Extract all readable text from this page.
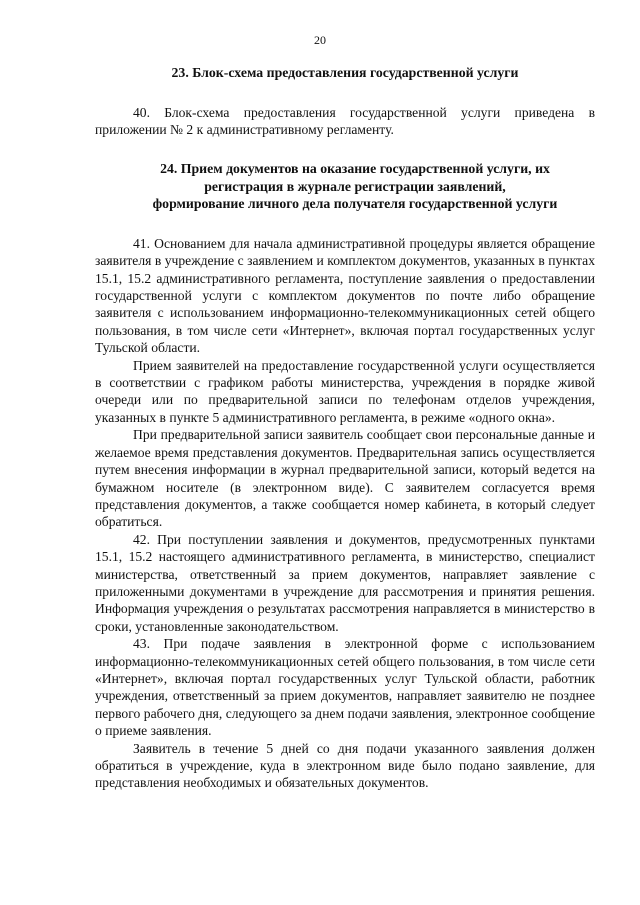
20
23. Блок-схема предоставления государственной услуги

40. Блок-схема предоставления государственной услуги приведена в приложении № 2 к административному регламенту.

24. Прием документов на оказание государственной услуги, их
регистрация в журнале регистрации заявлений,
формирование личного дела получателя государственной услуги

41. Основанием для начала административной процедуры является обращение заявителя в учреждение с заявлением и комплектом документов, указанных в пунктах 15.1, 15.2 административного регламента, поступление заявления о предоставлении государственной услуги с комплектом документов по почте либо обращение заявителя с использованием информационно-телекоммуникационных сетей общего пользования, в том числе сети «Интернет», включая портал государственных услуг Тульской области.

Прием заявителей на предоставление государственной услуги осуществляется в соответствии с графиком работы министерства, учреждения в порядке живой очереди или по предварительной записи по телефонам отделов учреждения, указанных в пункте 5 административного регламента, в режиме «одного окна».

При предварительной записи заявитель сообщает свои персональные данные и желаемое время представления документов. Предварительная запись осуществляется путем внесения информации в журнал предварительной записи, который ведется на бумажном носителе (в электронном виде). С заявителем согласуется время представления документов, а также сообщается номер кабинета, в который следует обратиться.

42. При поступлении заявления и документов, предусмотренных пунктами 15.1, 15.2 настоящего административного регламента, в министерство, специалист министерства, ответственный за прием документов, направляет заявление с приложенными документами в учреждение для рассмотрения и принятия решения. Информация учреждения о результатах рассмотрения направляется в министерство в сроки, установленные законодательством.

43. При подаче заявления в электронной форме с использованием информационно-телекоммуникационных сетей общего пользования, в том числе сети «Интернет», включая портал государственных услуг Тульской области, работник учреждения, ответственный за прием документов, направляет заявителю не позднее первого рабочего дня, следующего за днем подачи заявления, электронное сообщение о приеме заявления.

Заявитель в течение 5 дней со дня подачи указанного заявления должен обратиться в учреждение, куда в электронном виде было подано заявление, для представления необходимых и обязательных документов.
